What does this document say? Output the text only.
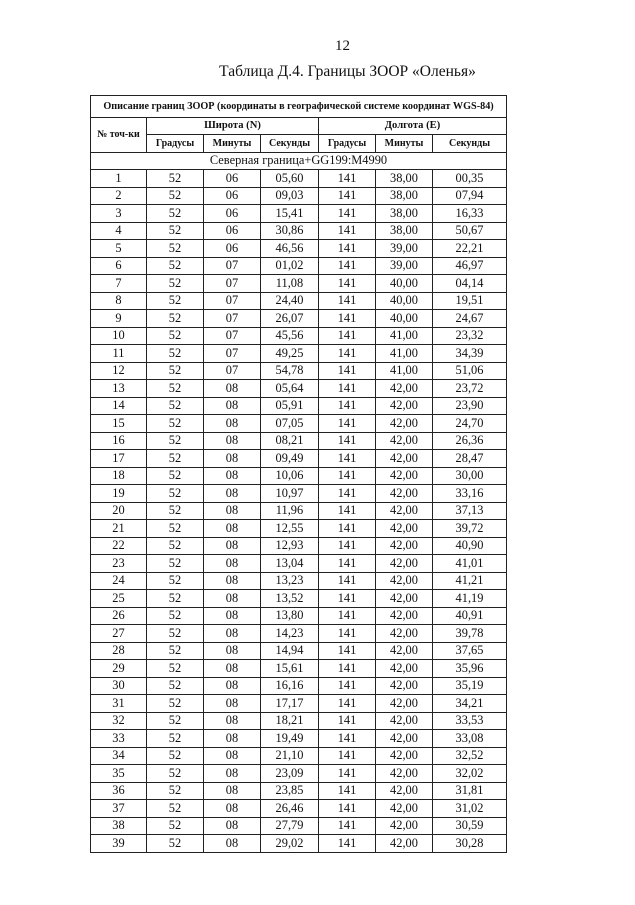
12
Таблица Д.4. Границы ЗООР «Оленья»
Описание границ ЗООР (координаты в географической системе координат WGS-84)						
№ точ-ки	Широта (N)			Долгота (E)		
	Градусы	Минуты	Секунды	Градусы	Минуты	Секунды
Северная граница+GG199:M4990						
1	52	06	05,60	141	38,00	00,35
2	52	06	09,03	141	38,00	07,94
3	52	06	15,41	141	38,00	16,33
4	52	06	30,86	141	38,00	50,67
5	52	06	46,56	141	39,00	22,21
6	52	07	01,02	141	39,00	46,97
7	52	07	11,08	141	40,00	04,14
8	52	07	24,40	141	40,00	19,51
9	52	07	26,07	141	40,00	24,67
10	52	07	45,56	141	41,00	23,32
11	52	07	49,25	141	41,00	34,39
12	52	07	54,78	141	41,00	51,06
13	52	08	05,64	141	42,00	23,72
14	52	08	05,91	141	42,00	23,90
15	52	08	07,05	141	42,00	24,70
16	52	08	08,21	141	42,00	26,36
17	52	08	09,49	141	42,00	28,47
18	52	08	10,06	141	42,00	30,00
19	52	08	10,97	141	42,00	33,16
20	52	08	11,96	141	42,00	37,13
21	52	08	12,55	141	42,00	39,72
22	52	08	12,93	141	42,00	40,90
23	52	08	13,04	141	42,00	41,01
24	52	08	13,23	141	42,00	41,21
25	52	08	13,52	141	42,00	41,19
26	52	08	13,80	141	42,00	40,91
27	52	08	14,23	141	42,00	39,78
28	52	08	14,94	141	42,00	37,65
29	52	08	15,61	141	42,00	35,96
30	52	08	16,16	141	42,00	35,19
31	52	08	17,17	141	42,00	34,21
32	52	08	18,21	141	42,00	33,53
33	52	08	19,49	141	42,00	33,08
34	52	08	21,10	141	42,00	32,52
35	52	08	23,09	141	42,00	32,02
36	52	08	23,85	141	42,00	31,81
37	52	08	26,46	141	42,00	31,02
38	52	08	27,79	141	42,00	30,59
39	52	08	29,02	141	42,00	30,28
